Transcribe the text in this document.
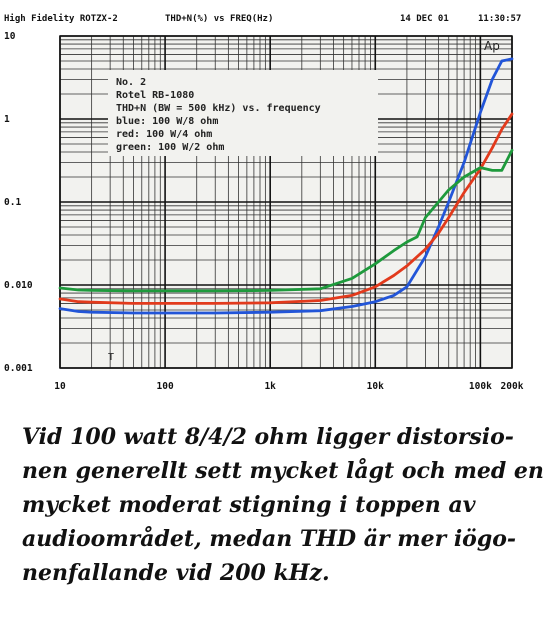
High Fidelity ROTZX-2	THD+N(%) vs FREQ(Hz)	14 DEC 01	11:30:57
10	100	1k	10k	100k 200k
10
1
0.1
0.010
0.001
No. 2
Rotel RB-1080
THD+N (BW = 500 kHz) vs. frequency
blue: 100 W/8 ohm
red: 100 W/4 ohm
green: 100 W/2 ohm
Ap
T
Vid 100 watt 8/4/2 ohm ligger distorsio-
nen generellt sett mycket lågt och med en
mycket moderat stigning i toppen av
audioområdet, medan THD är mer iögo-
nenfallande vid 200 kHz.
